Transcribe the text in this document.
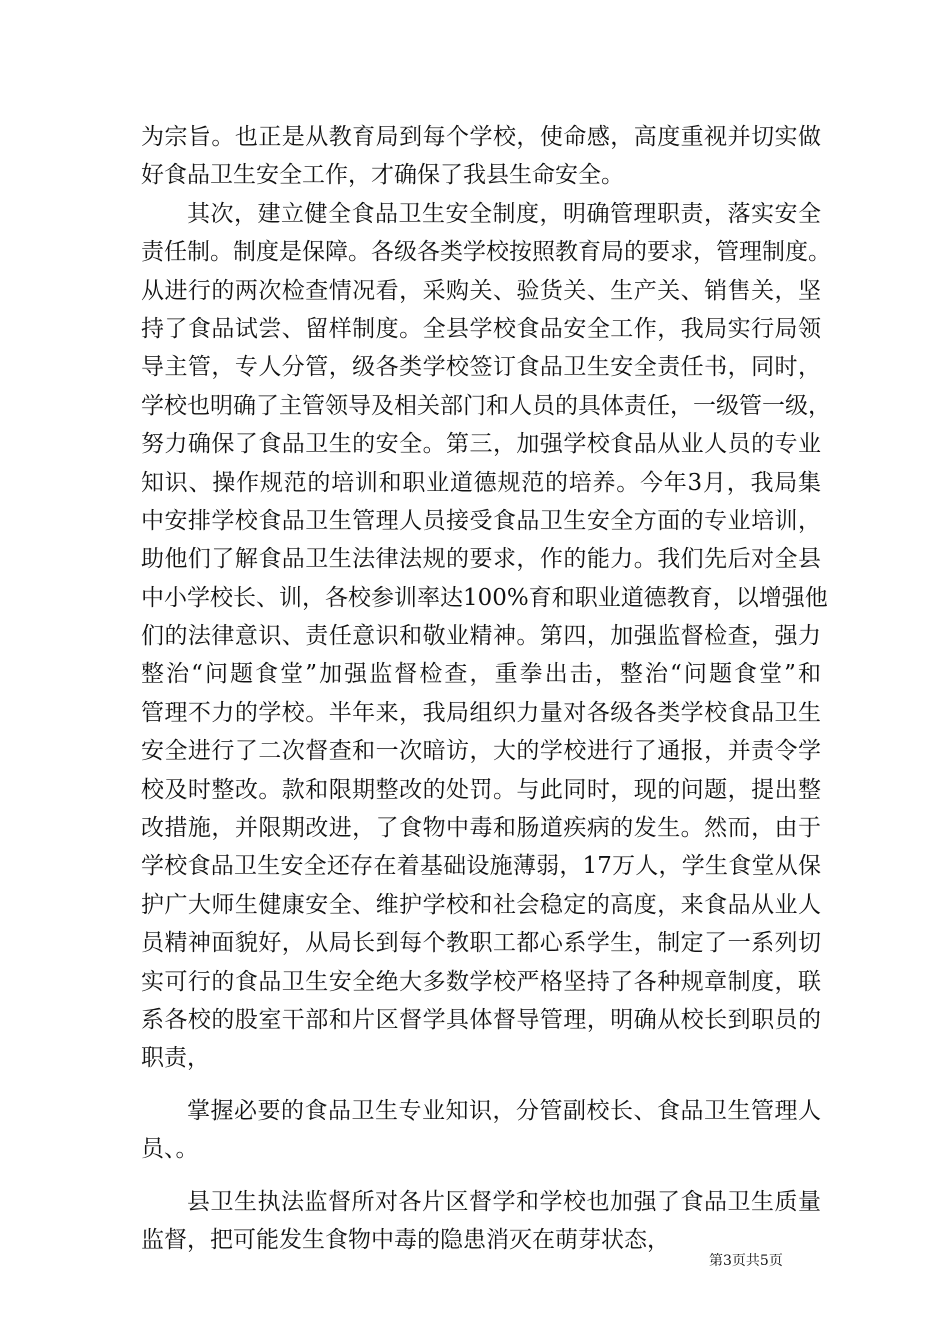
为宗旨。也正是从教育局到每个学校，使命感，高度重视并切实做
好食品卫生安全工作，才确保了我县生命安全。
其次，建立健全食品卫生安全制度，明确管理职责，落实安全
责任制。制度是保障。各级各类学校按照教育局的要求，管理制度。
从进行的两次检查情况看，采购关、验货关、生产关、销售关，坚
持了食品试尝、留样制度。全县学校食品安全工作，我局实行局领
导主管，专人分管，级各类学校签订食品卫生安全责任书，同时，
学校也明确了主管领导及相关部门和人员的具体责任，一级管一级，
努力确保了食品卫生的安全。第三，加强学校食品从业人员的专业
知识、操作规范的培训和职业道德规范的培养。今年3月，我局集
中安排学校食品卫生管理人员接受食品卫生安全方面的专业培训，
助他们了解食品卫生法律法规的要求，作的能力。我们先后对全县
中小学校长、训，各校参训率达100%育和职业道德教育，以增强他
们的法律意识、责任意识和敬业精神。第四，加强监督检查，强力
整治“问题食堂”加强监督检查，重拳出击，整治“问题食堂”和
管理不力的学校。半年来，我局组织力量对各级各类学校食品卫生
安全进行了二次督查和一次暗访，大的学校进行了通报，并责令学
校及时整改。款和限期整改的处罚。与此同时，现的问题，提出整
改措施，并限期改进，了食物中毒和肠道疾病的发生。然而，由于
学校食品卫生安全还存在着基础设施薄弱，17万人，学生食堂从保
护广大师生健康安全、维护学校和社会稳定的高度，来食品从业人
员精神面貌好，从局长到每个教职工都心系学生，制定了一系列切
实可行的食品卫生安全绝大多数学校严格坚持了各种规章制度，联
系各校的股室干部和片区督学具体督导管理，明确从校长到职员的
职责，
掌握必要的食品卫生专业知识，分管副校长、食品卫生管理人
员、。
县卫生执法监督所对各片区督学和学校也加强了食品卫生质量
监督，把可能发生食物中毒的隐患消灭在萌芽状态，
第3页共5页
